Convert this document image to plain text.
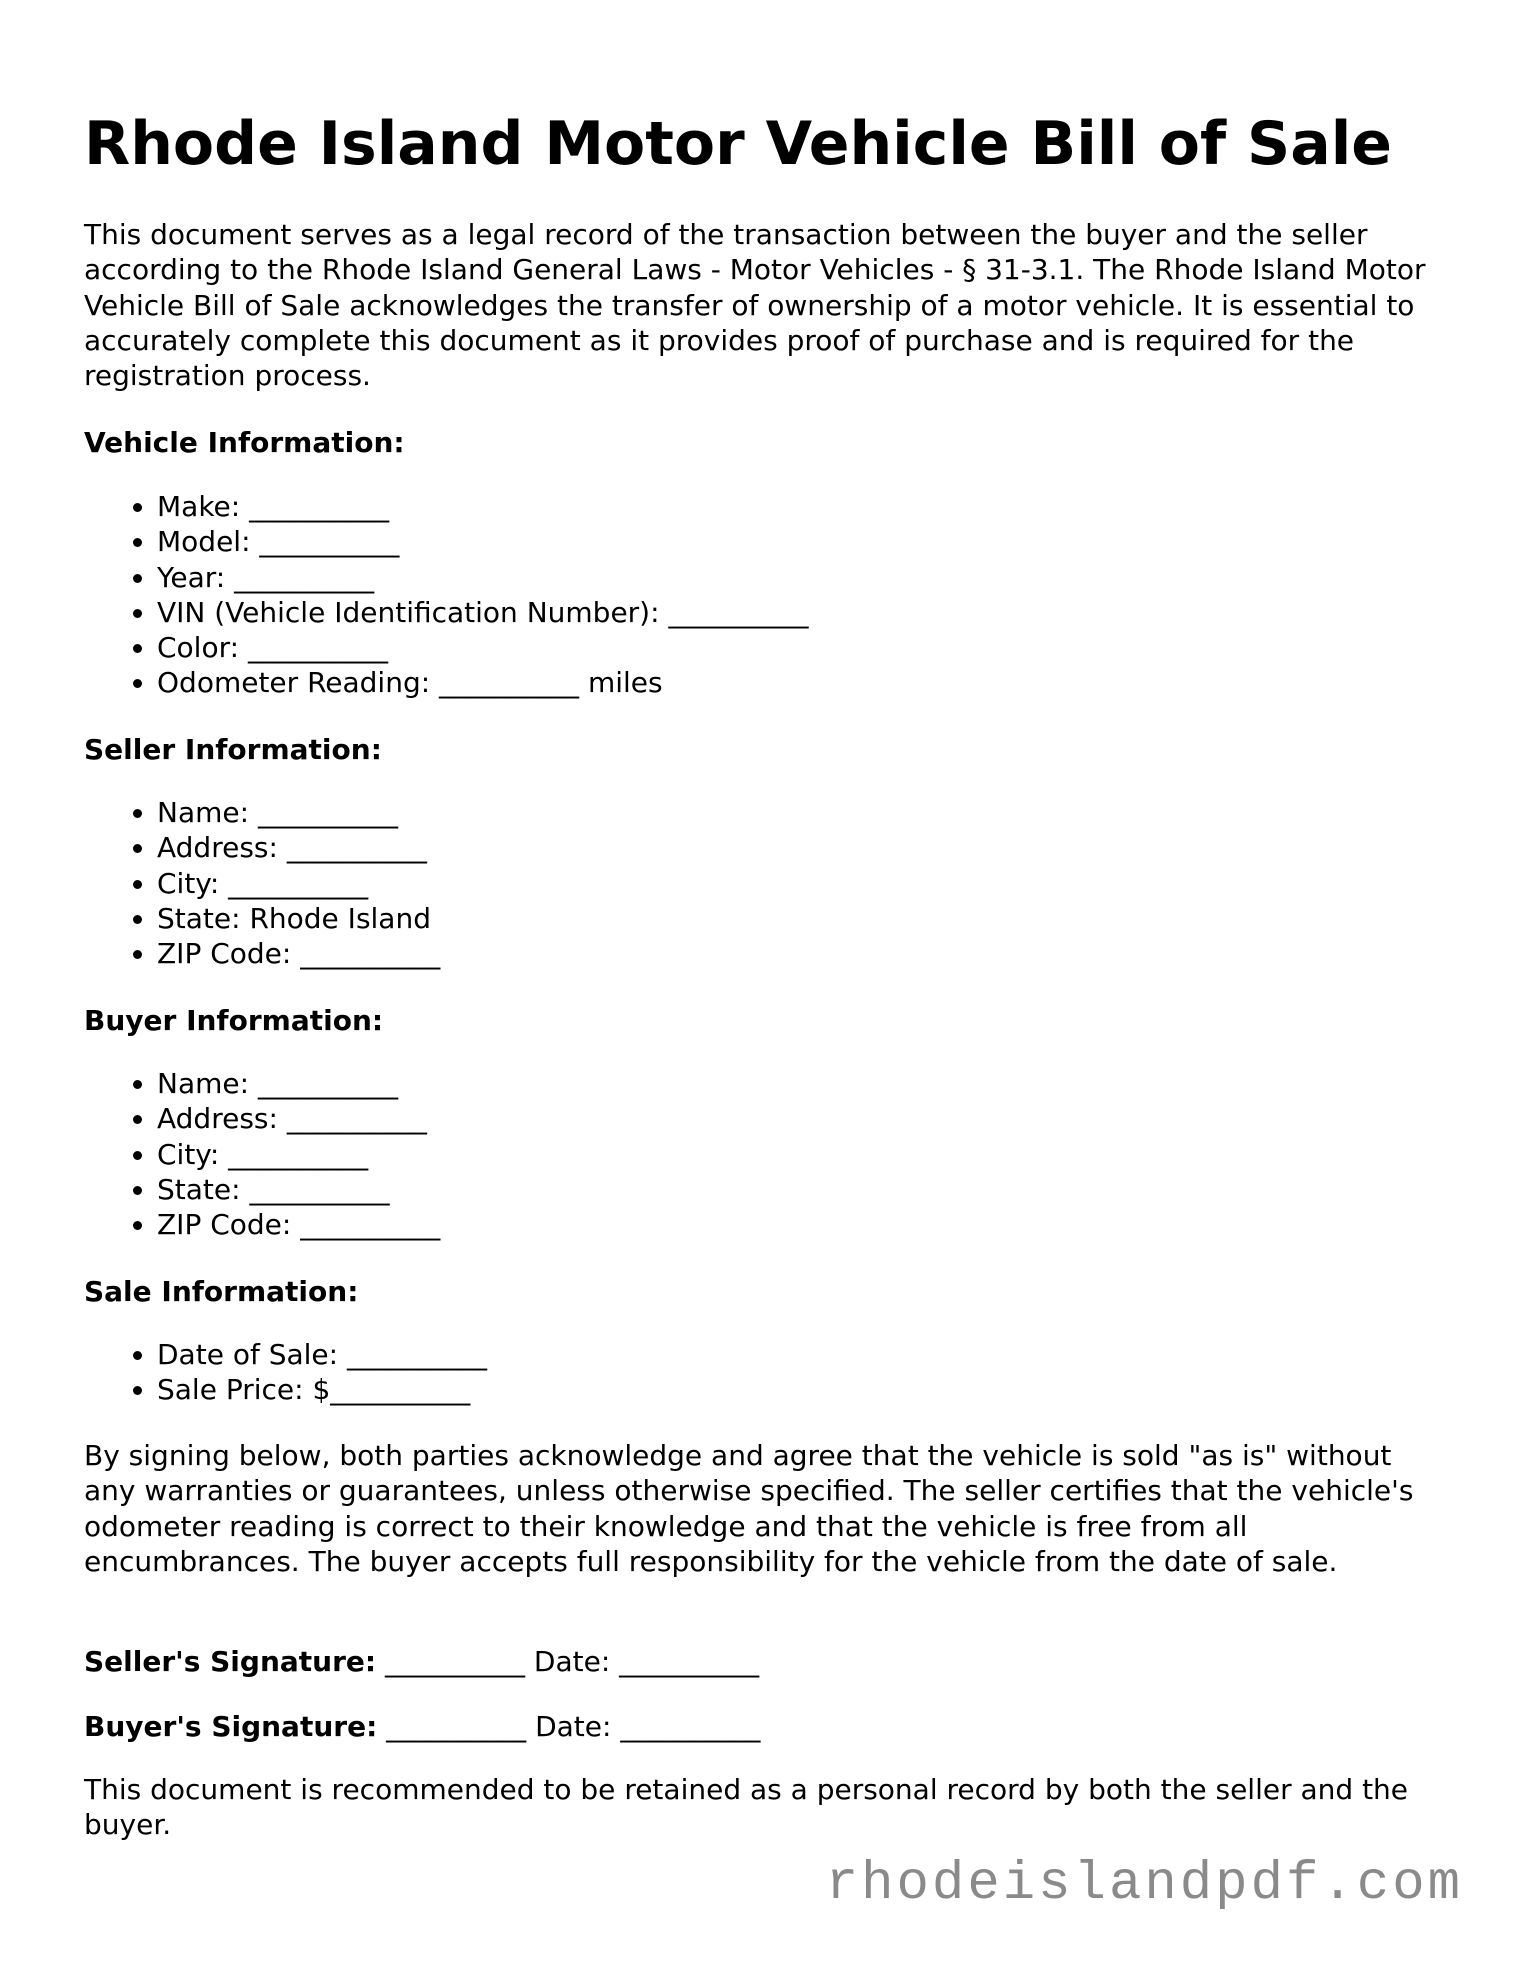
Rhode Island Motor Vehicle Bill of Sale

This document serves as a legal record of the transaction between the buyer and the seller according to the Rhode Island General Laws - Motor Vehicles - § 31-3.1. The Rhode Island Motor Vehicle Bill of Sale acknowledges the transfer of ownership of a motor vehicle. It is essential to accurately complete this document as it provides proof of purchase and is required for the registration process.

Vehicle Information:

• Make: __________
• Model: __________
• Year: __________
• VIN (Vehicle Identification Number): __________
• Color: __________
• Odometer Reading: __________ miles

Seller Information:

• Name: __________
• Address: __________
• City: __________
• State: Rhode Island
• ZIP Code: __________

Buyer Information:

• Name: __________
• Address: __________
• City: __________
• State: __________
• ZIP Code: __________

Sale Information:

• Date of Sale: __________
• Sale Price: $__________

By signing below, both parties acknowledge and agree that the vehicle is sold "as is" without any warranties or guarantees, unless otherwise specified. The seller certifies that the vehicle's odometer reading is correct to their knowledge and that the vehicle is free from all encumbrances. The buyer accepts full responsibility for the vehicle from the date of sale.

Seller's Signature: __________ Date: __________

Buyer's Signature: __________ Date: __________

This document is recommended to be retained as a personal record by both the seller and the buyer.

rhodeislandpdf.com
